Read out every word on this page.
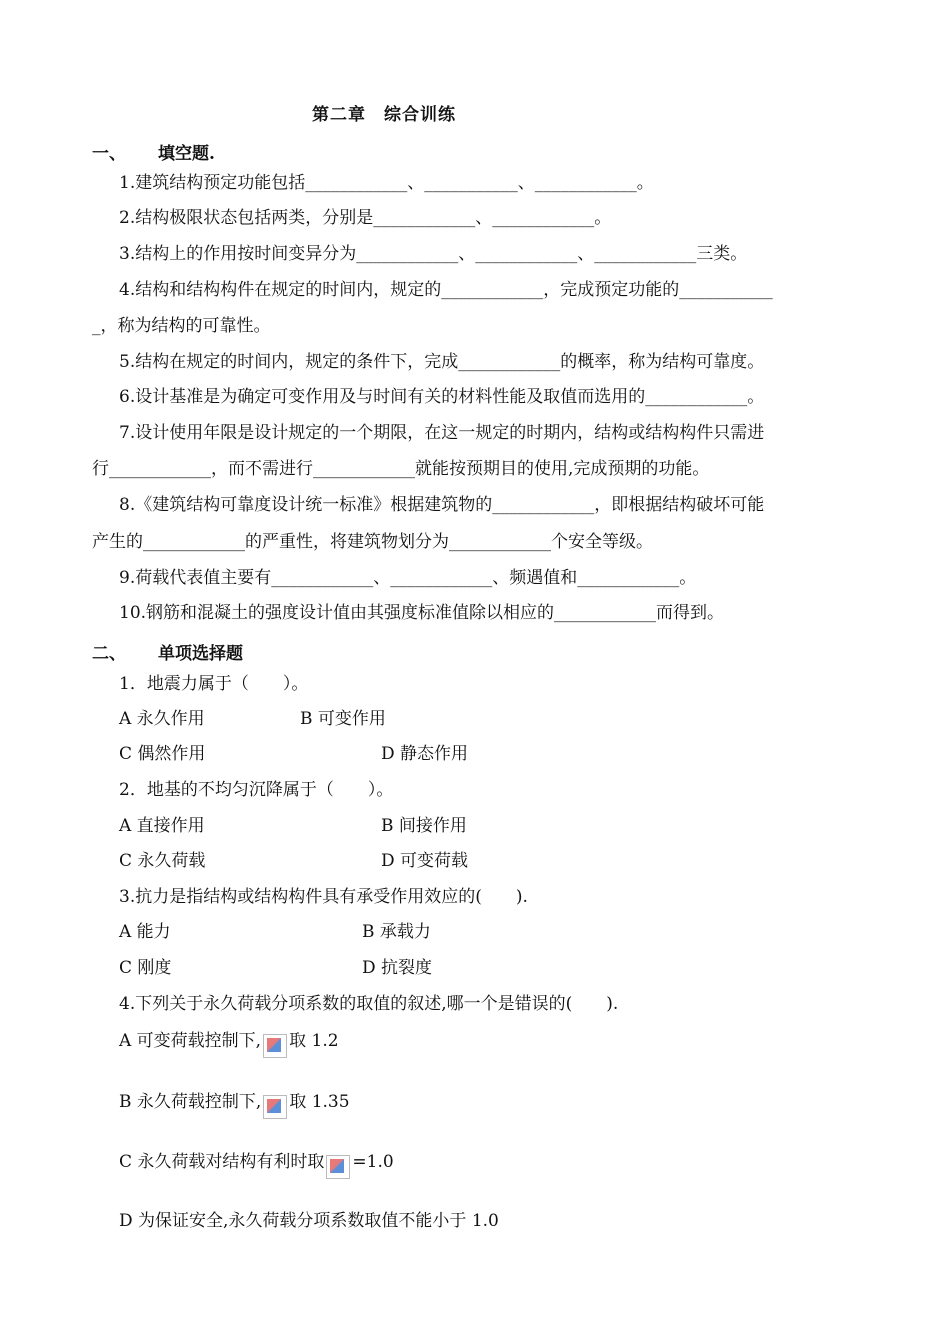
第二章　综合训练
一、 填空题.
1.建筑结构预定功能包括____________、___________、____________。
2.结构极限状态包括两类，分别是____________、____________。
3.结构上的作用按时间变异分为____________、____________、____________三类。
4.结构和结构构件在规定的时间内，规定的____________，完成预定功能的___________
_，称为结构的可靠性。
5.结构在规定的时间内，规定的条件下，完成____________的概率，称为结构可靠度。
6.设计基准是为确定可变作用及与时间有关的材料性能及取值而选用的____________。
7.设计使用年限是设计规定的一个期限，在这一规定的时期内，结构或结构构件只需进
行____________，而不需进行____________就能按预期目的使用,完成预期的功能。
8.《建筑结构可靠度设计统一标准》根据建筑物的____________，即根据结构破坏可能
产生的____________的严重性，将建筑物划分为____________个安全等级。
9.荷载代表值主要有____________、____________、频遇值和____________。
10.钢筋和混凝土的强度设计值由其强度标准值除以相应的____________而得到。
二、 单项选择题
1．地震力属于（　　）。
A 永久作用	B 可变作用
C 偶然作用	D 静态作用
2．地基的不均匀沉降属于（　　）。
A 直接作用	B 间接作用
C 永久荷载	D 可变荷载
3.抗力是指结构或结构构件具有承受作用效应的(　　).
A 能力	B 承载力
C 刚度	D 抗裂度
4.下列关于永久荷载分项系数的取值的叙述,哪一个是错误的(　　).
A 可变荷载控制下, 取 1.2
B 永久荷载控制下, 取 1.35
C 永久荷载对结构有利时取 =1.0
D 为保证安全,永久荷载分项系数取值不能小于 1.0
